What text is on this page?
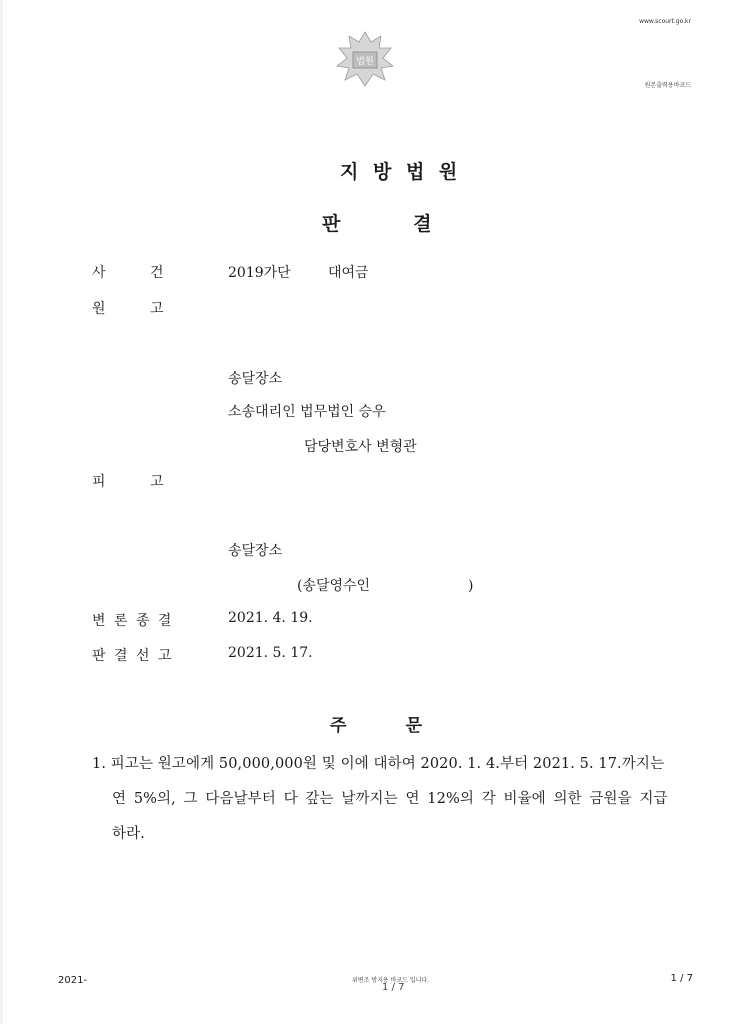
www.scourt.go.kr
원본출력용바코드
법원
지 방 법 원
판           결
사          건	2019가단	대여금
원          고
송달장소
소송대리인 법무법인 승우
담당변호사 변형관
피          고
송달장소
(송달영수인                      )
변 론 종 결	2021. 4. 19.
판 결 선 고	2021. 5. 17.
주          문
1. 피고는 원고에게 50,000,000원 및 이에 대하여 2020. 1. 4.부터 2021. 5. 17.까지는
연 5%의, 그 다음날부터 다 갚는 날까지는 연 12%의 각 비율에 의한 금원을 지급
하라.
2021-	위변조 방지용 바코드 입니다.
1 / 7
1 / 7
